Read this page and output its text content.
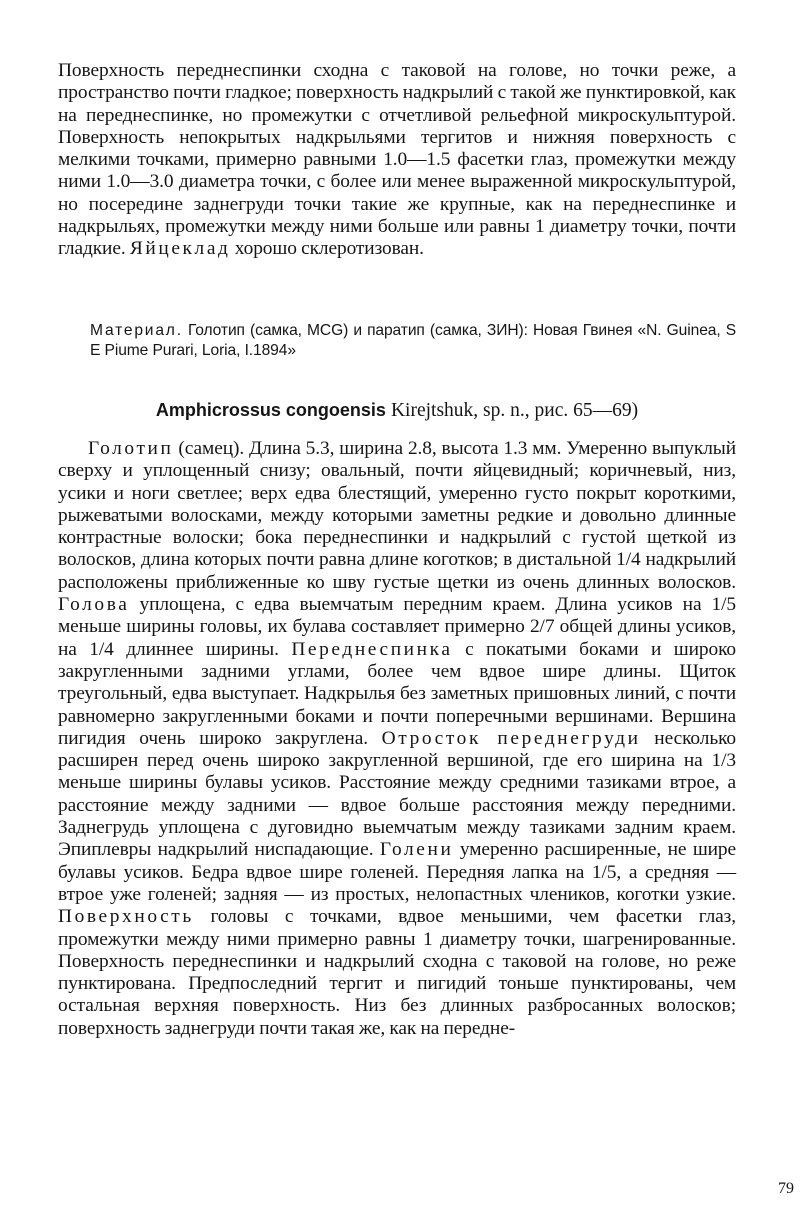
Поверхность переднеспинки сходна с таковой на голове, но точки реже, а пространство почти гладкое; поверхность надкрылий с такой же пунктировкой, как на переднеспинке, но промежутки с отчетливой рельефной микроскульптурой. Поверхность непокрытых надкрыльями тергитов и нижняя поверхность с мелкими точками, примерно равными 1.0—1.5 фасетки глаз, промежутки между ними 1.0—3.0 диаметра точки, с более или менее выраженной микроскульптурой, но посередине заднегруди точки такие же крупные, как на переднеспинке и надкрыльях, промежутки между ними больше или равны 1 диаметру точки, почти гладкие. Яйцеклад хорошо склеротизован.

Материал. Голотип (самка, MCG) и паратип (самка, ЗИН): Новая Гвинея «N. Guinea, S E Piume Purari, Loria, I.1894»

Amphicrossus congoensis Kirejtshuk, sp. n., рис. 65—69)

Голотип (самец). Длина 5.3, ширина 2.8, высота 1.3 мм. Умеренно выпуклый сверху и уплощенный снизу; овальный, почти яйцевидный; коричневый, низ, усики и ноги светлее; верх едва блестящий, умеренно густо покрыт короткими, рыжеватыми волосками, между которыми заметны редкие и довольно длинные контрастные волоски; бока переднеспинки и надкрылий с густой щеткой из волосков, длина которых почти равна длине коготков; в дистальной 1/4 надкрылий расположены приближенные ко шву густые щетки из очень длинных волосков. Голова уплощена, с едва выемчатым передним краем. Длина усиков на 1/5 меньше ширины головы, их булава составляет примерно 2/7 общей длины усиков, на 1/4 длиннее ширины. Переднеспинка с покатыми боками и широко закругленными задними углами, более чем вдвое шире длины. Щиток треугольный, едва выступает. Надкрылья без заметных пришовных линий, с почти равномерно закругленными боками и почти поперечными вершинами. Вершина пигидия очень широко закруглена. Отросток переднегруди несколько расширен перед очень широко закругленной вершиной, где его ширина на 1/3 меньше ширины булавы усиков. Расстояние между средними тазиками втрое, а расстояние между задними — вдвое больше расстояния между передними. Заднегрудь уплощена с дуговидно выемчатым между тазиками задним краем. Эпиплевры надкрылий ниспадающие. Голени умеренно расширенные, не шире булавы усиков. Бедра вдвое шире голеней. Передняя лапка на 1/5, а средняя — втрое уже голеней; задняя — из простых, нелопастных члеников, коготки узкие. Поверхность головы с точками, вдвое меньшими, чем фасетки глаз, промежутки между ними примерно равны 1 диаметру точки, шагренированные. Поверхность переднеспинки и надкрылий сходна с таковой на голове, но реже пунктирована. Предпоследний тергит и пигидий тоньше пунктированы, чем остальная верхняя поверхность. Низ без длинных разбросанных волосков; поверхность заднегруди почти такая же, как на передне-

79
